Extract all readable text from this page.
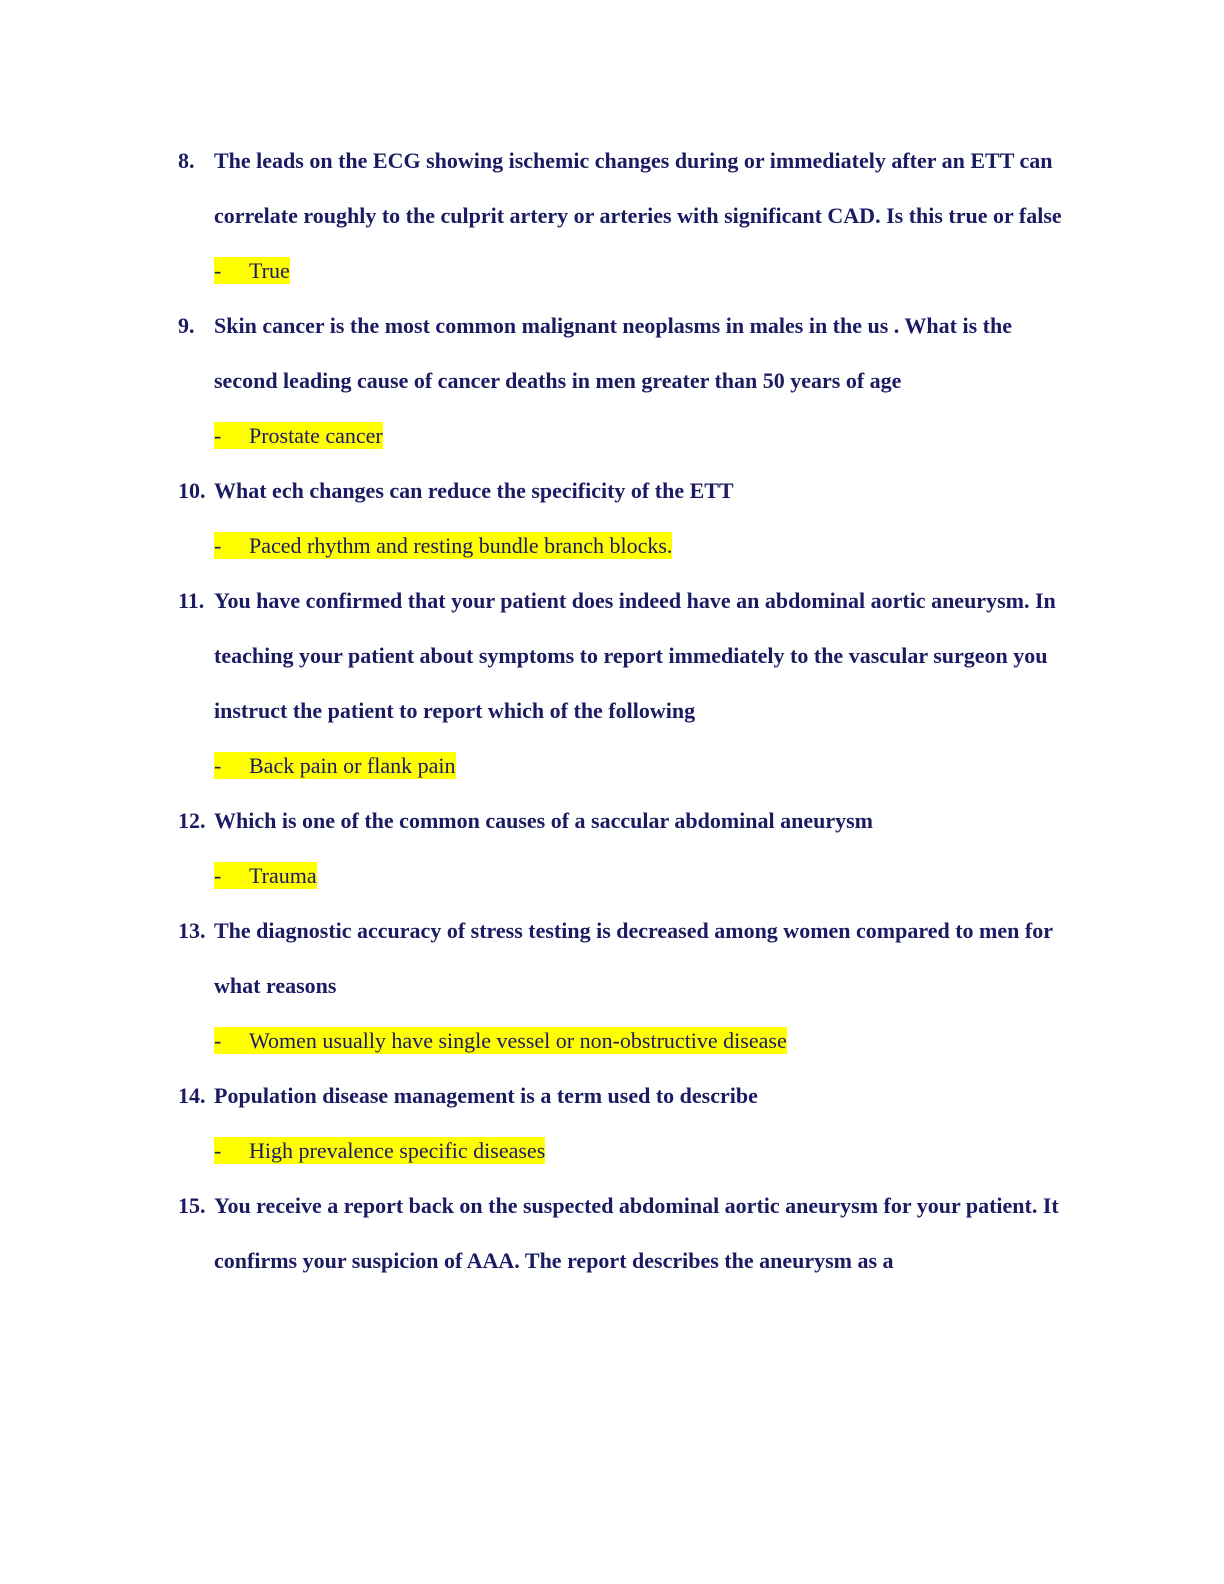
8. The leads on the ECG showing ischemic changes during or immediately after an ETT can correlate roughly to the culprit artery or arteries with significant CAD. Is this true or false
- True
9. Skin cancer is the most common malignant neoplasms in males in the us . What is the second leading cause of cancer deaths in men greater than 50 years of age
- Prostate cancer
10. What ech changes can reduce the specificity of the ETT
- Paced rhythm and resting bundle branch blocks.
11. You have confirmed that your patient does indeed have an abdominal aortic aneurysm. In teaching your patient about symptoms to report immediately to the vascular surgeon you instruct the patient to report which of the following
- Back pain or flank pain
12. Which is one of the common causes of a saccular abdominal aneurysm
- Trauma
13. The diagnostic accuracy of stress testing is decreased among women compared to men for what reasons
- Women usually have single vessel or non-obstructive disease
14. Population disease management is a term used to describe
- High prevalence specific diseases
15. You receive a report back on the suspected abdominal aortic aneurysm for your patient. It confirms your suspicion of AAA. The report describes the aneurysm as a
